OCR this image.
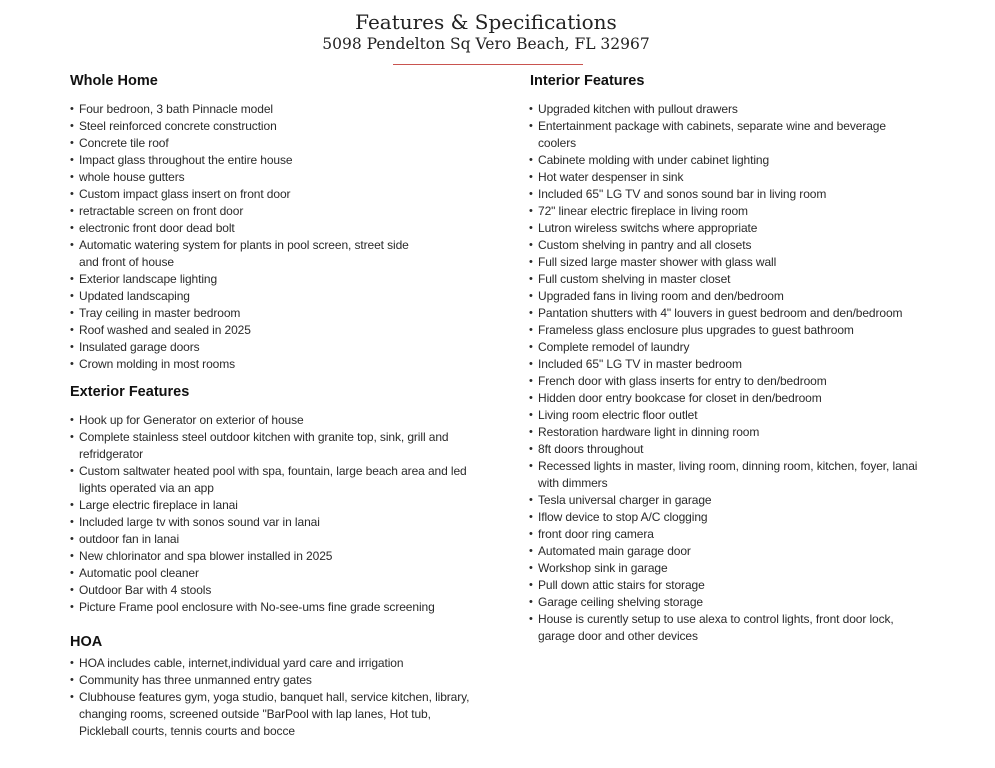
Features & Specifications
5098 Pendelton Sq Vero Beach, FL 32967
Whole Home
• Four bedroon, 3 bath Pinnacle model
• Steel reinforced concrete construction
• Concrete tile roof
• Impact glass throughout the entire house
• whole house gutters
• Custom impact glass insert on front door
• retractable screen on front door
• electronic front door dead bolt
• Automatic watering system for plants in pool screen, street side
and front of house
• Exterior landscape lighting
• Updated landscaping
• Tray ceiling in master bedroom
• Roof washed and sealed in 2025
• Insulated garage doors
• Crown molding in most rooms
Exterior Features
• Hook up for Generator on exterior of house
• Complete stainless steel outdoor kitchen with granite top, sink, grill and
refridgerator
• Custom saltwater heated pool with spa, fountain, large beach area and led
lights operated via an app
• Large electric fireplace in lanai
• Included large tv with sonos sound var in lanai
• outdoor fan in lanai
• New chlorinator and spa blower installed in 2025
• Automatic pool cleaner
• Outdoor Bar with 4 stools
• Picture Frame pool enclosure with No-see-ums fine grade screening
HOA
• HOA includes cable, internet,individual yard care and irrigation
• Community has three unmanned entry gates
• Clubhouse features gym, yoga studio, banquet hall, service kitchen, library,
changing rooms, screened outside "BarPool with lap lanes, Hot tub,
Pickleball courts, tennis courts and bocce
Interior Features
• Upgraded kitchen with pullout drawers
• Entertainment package with cabinets, separate wine and beverage
coolers
• Cabinete molding with under cabinet lighting
• Hot water despenser in sink
• Included 65" LG TV and sonos sound bar in living room
• 72" linear electric fireplace in living room
• Lutron wireless switchs where appropriate
• Custom shelving in pantry and all closets
• Full sized large master shower with glass wall
• Full custom shelving in master closet
• Upgraded fans in living room and den/bedroom
• Pantation shutters with 4" louvers in guest bedroom and den/bedroom
• Frameless glass enclosure plus upgrades to guest bathroom
• Complete remodel of laundry
• Included 65" LG TV in master bedroom
• French door with glass inserts for entry to den/bedroom
• Hidden door entry bookcase for closet in den/bedroom
• Living room electric floor outlet
• Restoration hardware light in dinning room
• 8ft doors throughout
• Recessed lights in master, living room, dinning room, kitchen, foyer, lanai
with dimmers
• Tesla universal charger in garage
• Iflow device to stop A/C clogging
• front door ring camera
• Automated main garage door
• Workshop sink in garage
• Pull down attic stairs for storage
• Garage ceiling shelving storage
• House is curently setup to use alexa to control lights, front door lock,
garage door and other devices
